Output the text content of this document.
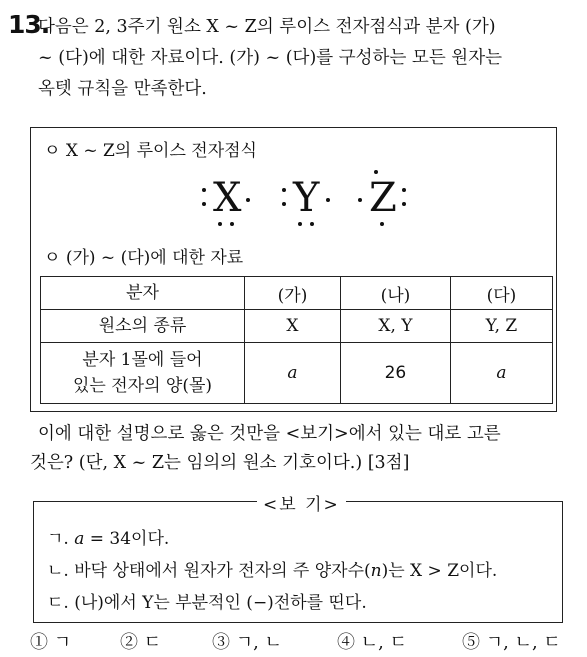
13.
다음은 2, 3주기 원소 X ~ Z의 루이스 전자점식과 분자 (가)
~ (다)에 대한 자료이다. (가) ~ (다)를 구성하는 모든 원자는
옥텟 규칙을 만족한다.
ㅇ X ~ Z의 루이스 전자점식
X Y Z
ㅇ (가) ~ (다)에 대한 자료
분자	(가)	(나)	(다)
원소의 종류	X	X, Y	Y, Z

분자 1몰에 들어
있는 전자의 양(몰)	a	26	a
이에 대한 설명으로 옳은 것만을 <보기>에서 있는 대로 고른
것은? (단, X ~ Z는 임의의 원소 기호이다.) [3점]
<보 기>
ㄱ. a = 34이다.
ㄴ. 바닥 상태에서 원자가 전자의 주 양자수(n)는 X > Z이다.
ㄷ. (나)에서 Y는 부분적인 (−)전하를 띤다.
① ㄱ	② ㄷ	③ ㄱ, ㄴ	④ ㄴ, ㄷ	⑤ ㄱ, ㄴ, ㄷ
